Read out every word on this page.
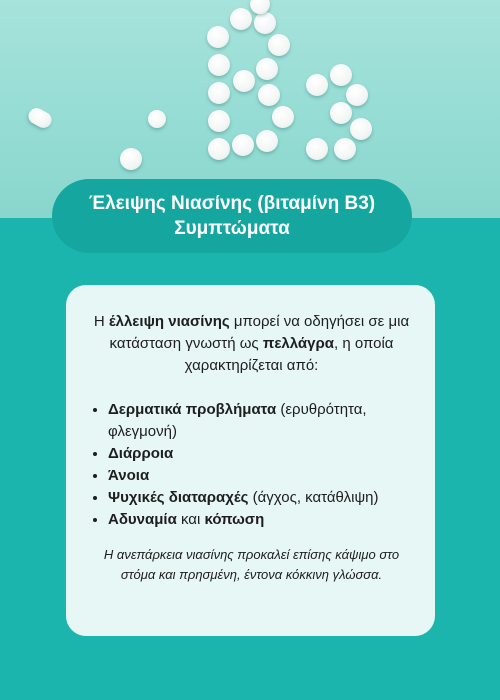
Έλειψης Νιασίνης (βιταμίνη B3)
Συμπτώματα

Η έλλειψη νιασίνης μπορεί να οδηγήσει σε μια κατάσταση γνωστή ως πελλάγρα, η οποία χαρακτηρίζεται από:

• Δερματικά προβλήματα (ερυθρότητα, φλεγμονή)
• Διάρροια
• Άνοια
• Ψυχικές διαταραχές (άγχος, κατάθλιψη)
• Αδυναμία και κόπωση

Η ανεπάρκεια νιασίνης προκαλεί επίσης κάψιμο στο στόμα και πρησμένη, έντονα κόκκινη γλώσσα.
